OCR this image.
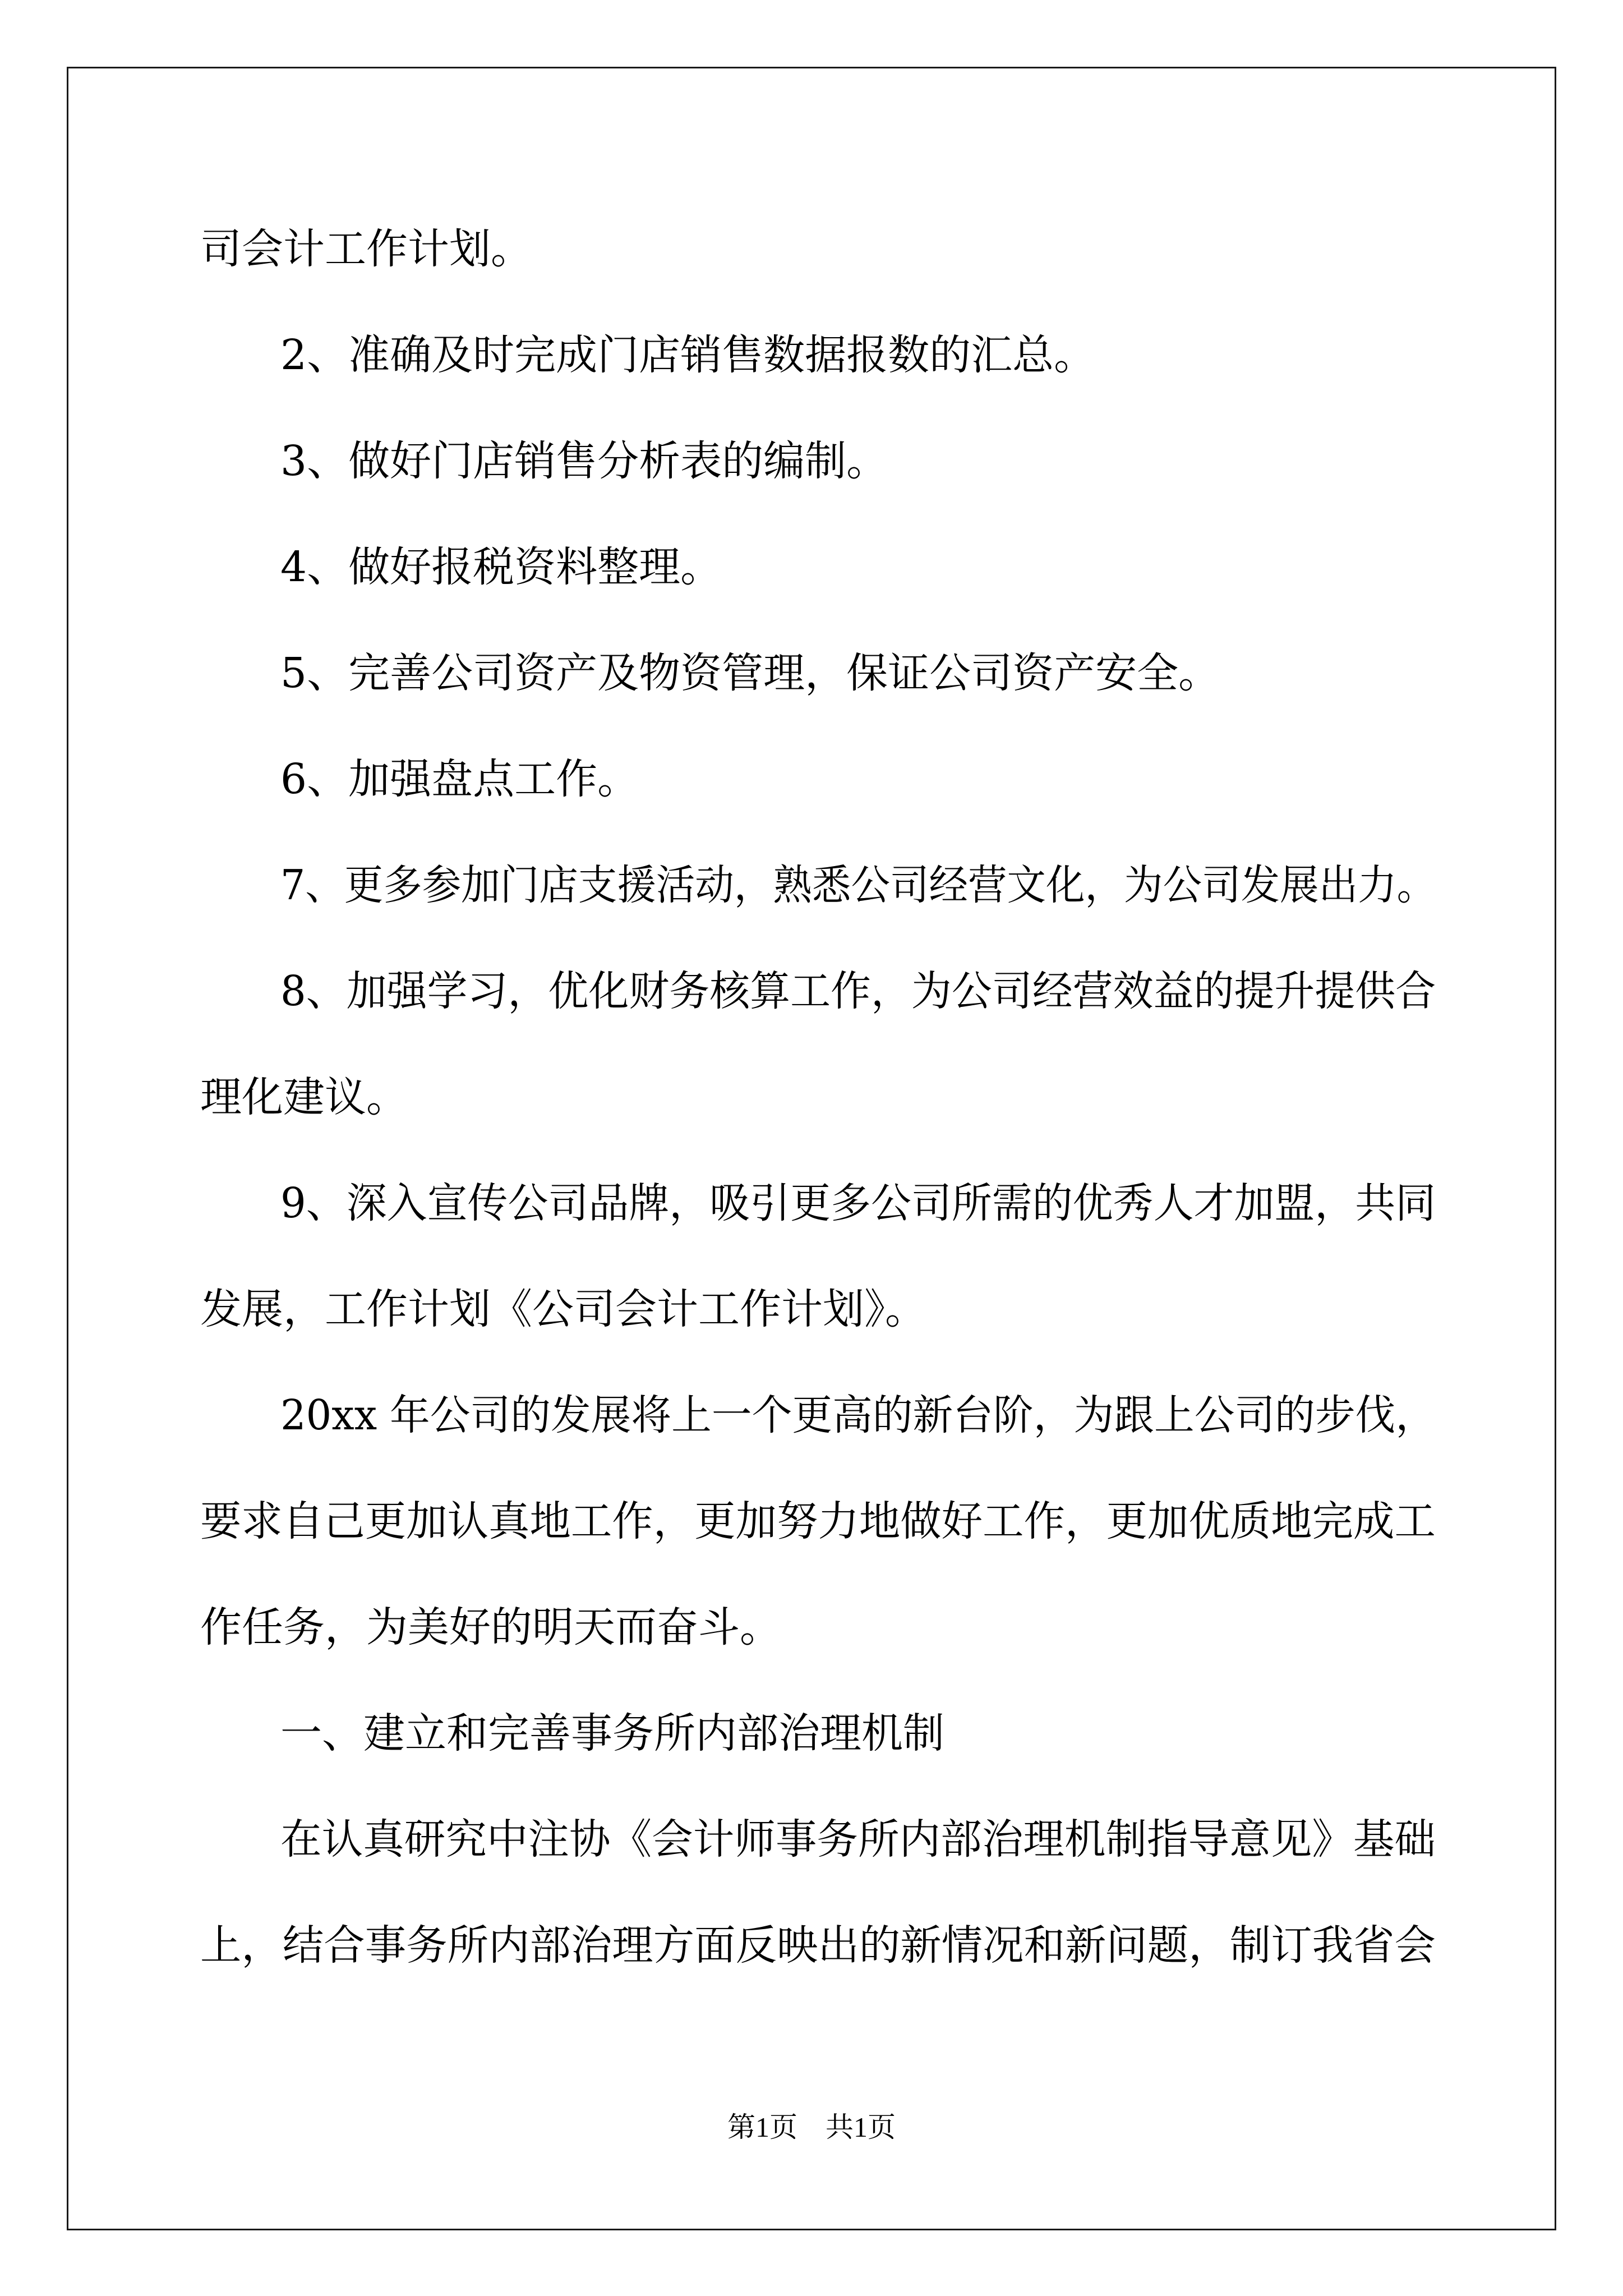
司会计工作计划。

2、准确及时完成门店销售数据报数的汇总。

3、做好门店销售分析表的编制。

4、做好报税资料整理。

5、完善公司资产及物资管理，保证公司资产安全。

6、加强盘点工作。

7、更多参加门店支援活动，熟悉公司经营文化，为公司发展出力。

8、加强学习，优化财务核算工作，为公司经营效益的提升提供合

理化建议。

9、深入宣传公司品牌，吸引更多公司所需的优秀人才加盟，共同

发展，工作计划《公司会计工作计划》。

20xx 年公司的发展将上一个更高的新台阶，为跟上公司的步伐，

要求自己更加认真地工作，更加努力地做好工作，更加优质地完成工

作任务，为美好的明天而奋斗。

一、建立和完善事务所内部治理机制

在认真研究中注协《会计师事务所内部治理机制指导意见》基础

上，结合事务所内部治理方面反映出的新情况和新问题，制订我省会

第1页 共1页
